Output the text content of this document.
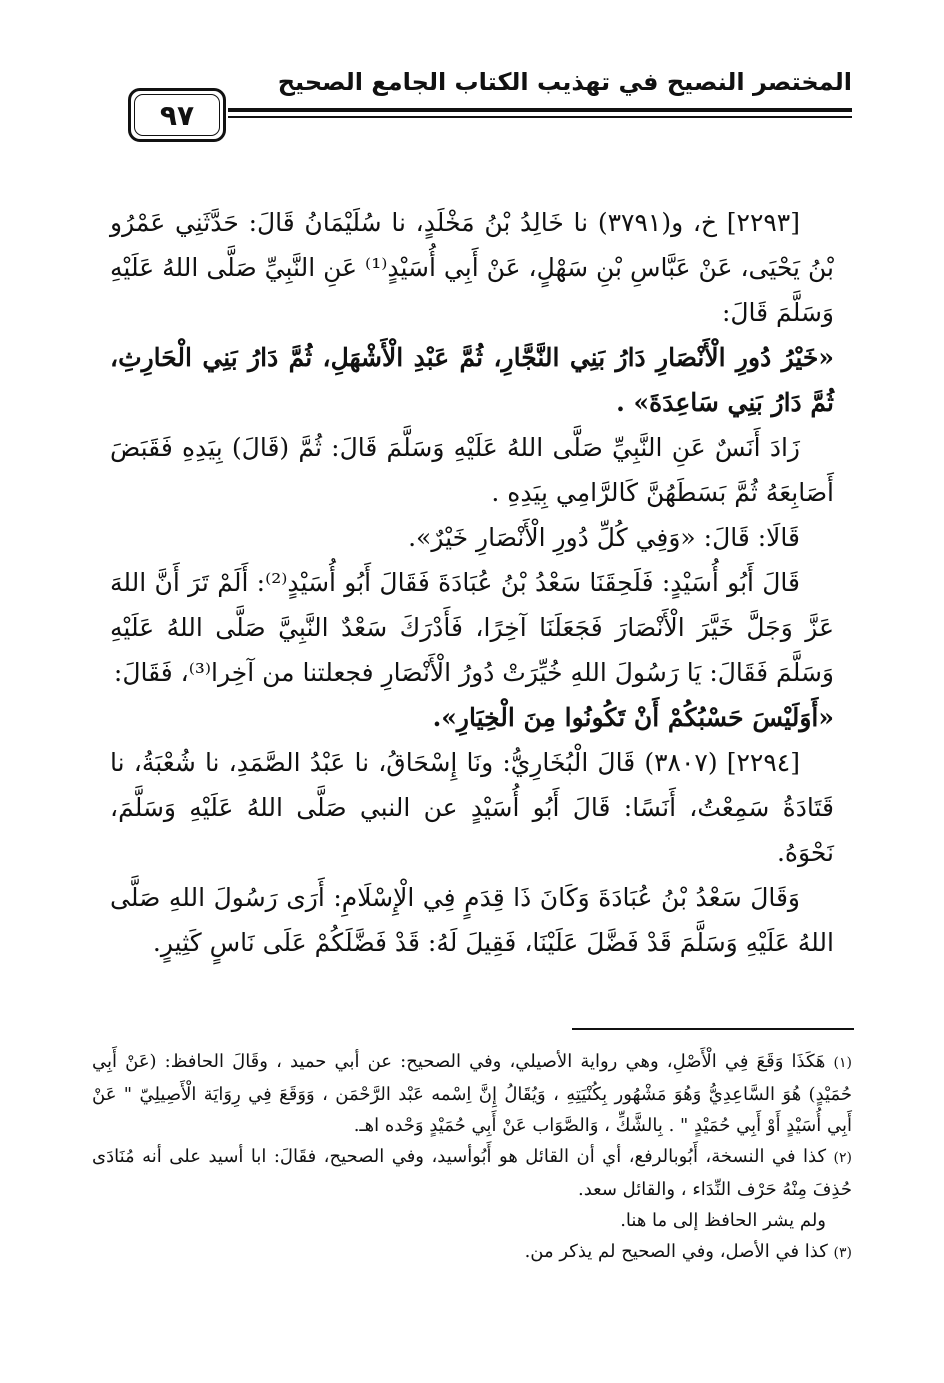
المختصر النصيح في تهذيب الكتاب الجامع الصحيح
٩٧

[٢٢٩٣] خ، و(٣٧٩١) نا خَالِدُ بْنُ مَخْلَدٍ، نا سُلَيْمَانُ قَالَ: حَدَّثَنِي عَمْرُو بْنُ يَحْيَى، عَنْ عَبَّاسِ بْنِ سَهْلٍ، عَنْ أَبِي أُسَيْدٍ⁽¹⁾ عَنِ النَّبِيِّ صَلَّى اللهُ عَلَيْهِ وَسَلَّمَ قَالَ:

«خَيْرُ دُورِ الْأَنْصَارِ دَارُ بَنِي النَّجَّارِ، ثُمَّ عَبْدِ الْأَشْهَلِ، ثُمَّ دَارُ بَنِي الْحَارِثِ، ثُمَّ دَارُ بَنِي سَاعِدَةَ» .

زَادَ أَنَسٌ عَنِ النَّبِيِّ صَلَّى اللهُ عَلَيْهِ وَسَلَّمَ قَالَ: ثُمَّ (قَالَ) بِيَدِهِ فَقَبَضَ أَصَابِعَهُ ثُمَّ بَسَطَهُنَّ كَالرَّامِي بِيَدِهِ .

قَالَا: قَالَ: «وَفِي كُلِّ دُورِ الْأَنْصَارِ خَيْرٌ».

قَالَ أَبُو أُسَيْدٍ: فَلَحِقَنَا سَعْدُ بْنُ عُبَادَةَ فَقَالَ أَبُو أُسَيْدٍ⁽²⁾: أَلَمْ تَرَ أَنَّ اللهَ عَزَّ وَجَلَّ خَيَّرَ الْأَنْصَارَ فَجَعَلَنَا آخِرًا، فَأَدْرَكَ سَعْدٌ النَّبِيَّ صَلَّى اللهُ عَلَيْهِ وَسَلَّمَ فَقَالَ: يَا رَسُولَ اللهِ خُيِّرَتْ دُورُ الْأَنْصَارِ فجعلتنا من آخِرا⁽³⁾، فَقَالَ:

«أَوَلَيْسَ حَسْبُكُمْ أَنْ تَكُونُوا مِنَ الْخِيَارِ».

[٢٢٩٤] (٣٨٠٧) قَالَ الْبُخَارِيُّ: ونَا إِسْحَاقُ، نا عَبْدُ الصَّمَدِ، نا شُعْبَةُ، نا قَتَادَةُ سَمِعْتُ، أَنَسًا: قَالَ أَبُو أُسَيْدٍ عن النبي صَلَّى اللهُ عَلَيْهِ وَسَلَّمَ، نَحْوَهُ.

وَقَالَ سَعْدُ بْنُ عُبَادَةَ وَكَانَ ذَا قِدَمٍ فِي الْإِسْلَامِ: أَرَى رَسُولَ اللهِ صَلَّى اللهُ عَلَيْهِ وَسَلَّمَ قَدْ فَضَّلَ عَلَيْنَا، فَقِيلَ لَهُ: قَدْ فَضَّلَكُمْ عَلَى نَاسٍ كَثِيرٍ.

(١) هَكَذَا وَقَعَ فِي الْأَصْلِ، وهي رواية الأصيلي، وفي الصحيح: عن أبي حميد ، وقَالَ الحافظ: (عَنْ أَبِي حُمَيْدٍ) هُوَ السَّاعِدِيُّ وَهُوَ مَشْهُور بِكُنْيَتِهِ ، وَيُقَالُ إِنَّ اِسْمه عَبْد الرَّحْمَن ، وَوَقَعَ فِي رِوَايَة الْأَصِيلِيّ " عَنْ أَبِي أُسَيْدٍ أَوْ أَبِي حُمَيْدٍ " . بِالشَّكِّ ، وَالصَّوَاب عَنْ أَبِي حُمَيْدٍ وَحْده اهـ.

(٢) كذا في النسخة، أَبُوبالرفع، أي أن القائل هو أَبُوأسيد، وفي الصحيح، فقَالَ: ابا أسيد على أنه مُنَادَى حُذِفَ مِنْهُ حَرْف النِّدَاء ، والقائل سعد.

ولم يشر الحافظ إلى ما هنا.

(٣) كذا في الأصل، وفي الصحيح لم يذكر من.
